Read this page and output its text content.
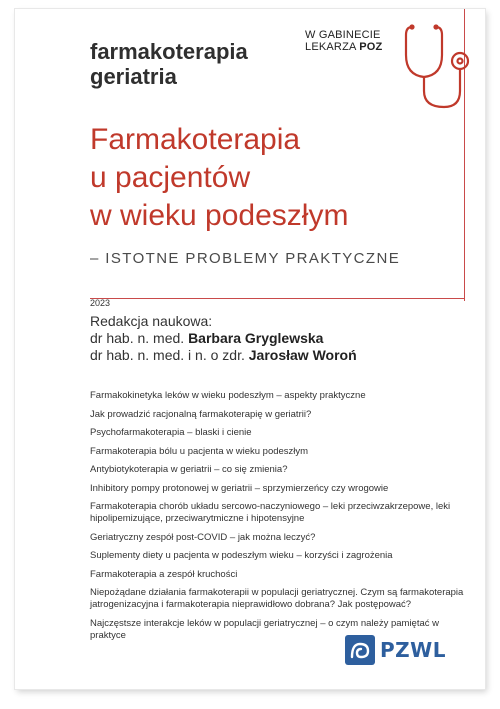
farmakoterapia
geriatria
W GABINECIE
LEKARZA POZ
Farmakoterapia
u pacjentów
w wieku podeszłym
– ISTOTNE PROBLEMY PRAKTYCZNE
2023
Redakcja naukowa:
dr hab. n. med. Barbara Gryglewska
dr hab. n. med. i n. o zdr. Jarosław Woroń
Farmakokinetyka leków w wieku podeszłym – aspekty praktyczne
Jak prowadzić racjonalną farmakoterapię w geriatrii?
Psychofarmakoterapia – blaski i cienie
Farmakoterapia bólu u pacjenta w wieku podeszłym
Antybiotykoterapia w geriatrii – co się zmienia?
Inhibitory pompy protonowej w geriatrii – sprzymierzeńcy czy wrogowie
Farmakoterapia chorób układu sercowo-naczyniowego – leki przeciwzakrzepowe, leki hipolipemizujące, przeciwarytmiczne i hipotensyjne
Geriatryczny zespół post-COVID – jak można leczyć?
Suplementy diety u pacjenta w podeszłym wieku – korzyści i zagrożenia
Farmakoterapia a zespół kruchości
Niepożądane działania farmakoterapii w populacji geriatrycznej. Czym są farmakoterapia jatrogenizacyjna i farmakoterapia nieprawidłowo dobrana? Jak postępować?
Najczęstsze interakcje leków w populacji geriatrycznej – o czym należy pamiętać w praktyce
PZWL
